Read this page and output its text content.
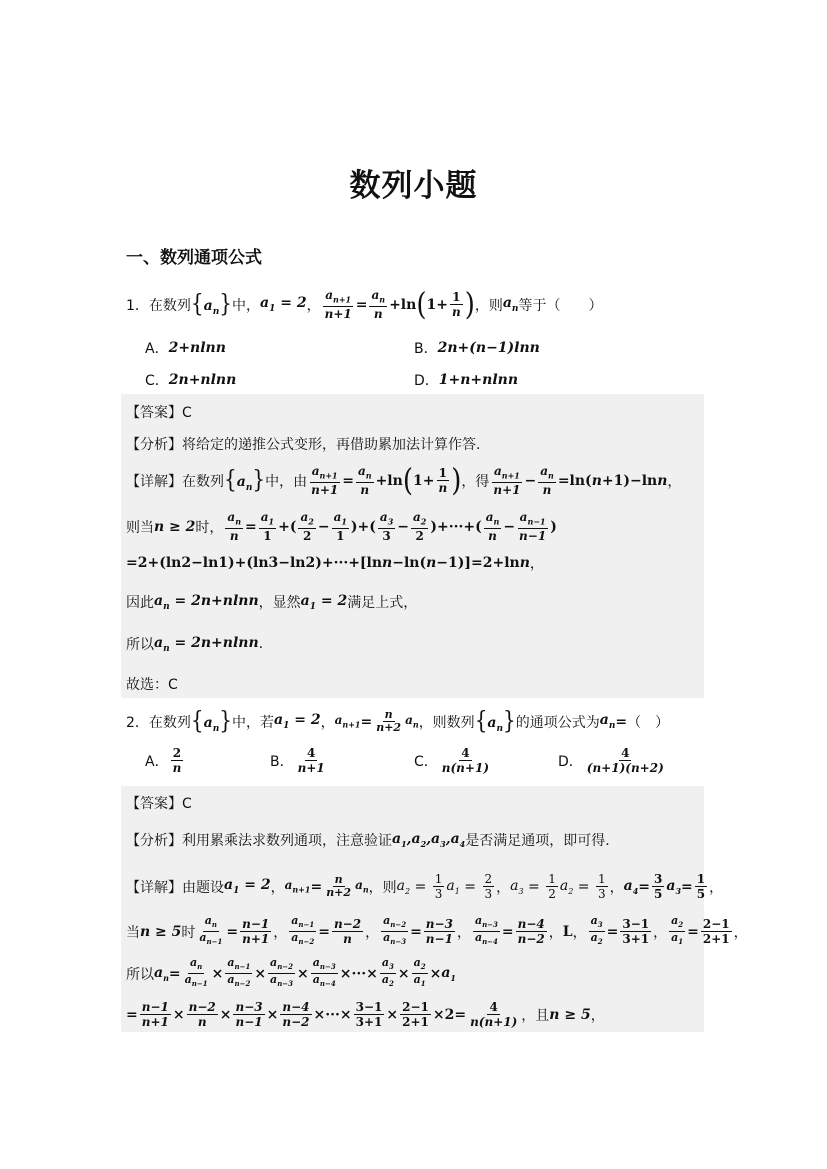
数列小题
一、数列通项公式
1． 在数列 $\{a_n\}$ 中， $a_1 = 2$ ， $\frac{a_{n+1}}{n+1} = \frac{a_n}{n} +\ln$ ( $1+ \frac{1}{n}$ ) ，则 $a_n$ 等于（　　）
A． 2+nlnn	B． 2n+(n−1)lnn
C． 2n+nlnn	D． 1+n+nlnn
【答案】C
【分析】 将给定的递推公式变形，再借助累加法计算作答.
【详解】 在数列 $\{a_n\}$ 中，由 $\frac{a_{n+1}}{n+1} = \frac{a_n}{n} +\ln$ ( $1+ \frac{1}{n}$ ) ，得 $\frac{a_{n+1}}{n+1} - \frac{a_n}{n} =\ln(n+1)-\ln n$ ，
则当 n ≥ 2 时， $\frac{a_n}{n} = \frac{a_1}{1}$ +( $\frac{a_2}{2} - \frac{a_1}{1}$ )+( $\frac{a_3}{3} - \frac{a_2}{2}$ )+···+( $\frac{a_n}{n} - \frac{a_{n-1}}{n-1}$ )
=2+(ln2−ln1)+(ln3−ln2)+···+[lnn−ln(n−1)]=2+lnn ，
因此 $a_n = 2n+nlnn$ ，显然 $a_1 = 2$ 满足上式，
所以 $a_n = 2n+nlnn$ .
故选：C
2． 在数列 $\{a_n\}$ 中，若 $a_1 = 2$ ， $a_{n+1} = \frac{n}{n+2} a_n$ ，则数列 $\{a_n\}$ 的通项公式为 $a_n$ = （　）
A． $\frac{2}{n}$	B． $\frac{4}{n+1}$	C． $\frac{4}{n(n+1)}$	D． $\frac{4}{(n+1)(n+2)}$
【答案】C
【分析】 利用累乘法求数列通项，注意验证 $a_1,a_2,a_3,a_4$ 是否满足通项，即可得.
【详解】 由题设 $a_1 = 2$ ， $a_{n+1} = \frac{n}{n+2} a_n$ ，则 $a_2 = \frac{1}{3} a_1 = \frac{2}{3}$ ， $a_3 = \frac{1}{2} a_2 = \frac{1}{3}$ ， $a_4 = \frac{3}{5} a_3 = \frac{1}{5}$ ，
当 n ≥ 5 时 $\frac{a_n}{a_{n-1}} = \frac{n-1}{n+1}$ ， $\frac{a_{n-1}}{a_{n-2}} = \frac{n-2}{n}$ ， $\frac{a_{n-2}}{a_{n-3}} = \frac{n-3}{n-1}$ ， $\frac{a_{n-3}}{a_{n-4}} = \frac{n-4}{n-2}$ ， L ， $\frac{a_3}{a_2} = \frac{3-1}{3+1}$ ， $\frac{a_2}{a_1} = \frac{2-1}{2+1}$ ，
所以 $a_n = \frac{a_n}{a_{n-1}} \times \frac{a_{n-1}}{a_{n-2}} \times \frac{a_{n-2}}{a_{n-3}} \times \frac{a_{n-3}}{a_{n-4}}$ ×···× $\frac{a_3}{a_2} \times \frac{a_2}{a_1} \times a_1$
= $\frac{n-1}{n+1} \times \frac{n-2}{n} \times \frac{n-3}{n-1} \times \frac{n-4}{n-2}$ ×···× $\frac{3-1}{3+1} \times \frac{2-1}{2+1} \times 2= \frac{4}{n(n+1)}$ ，且 n ≥ 5 ，
